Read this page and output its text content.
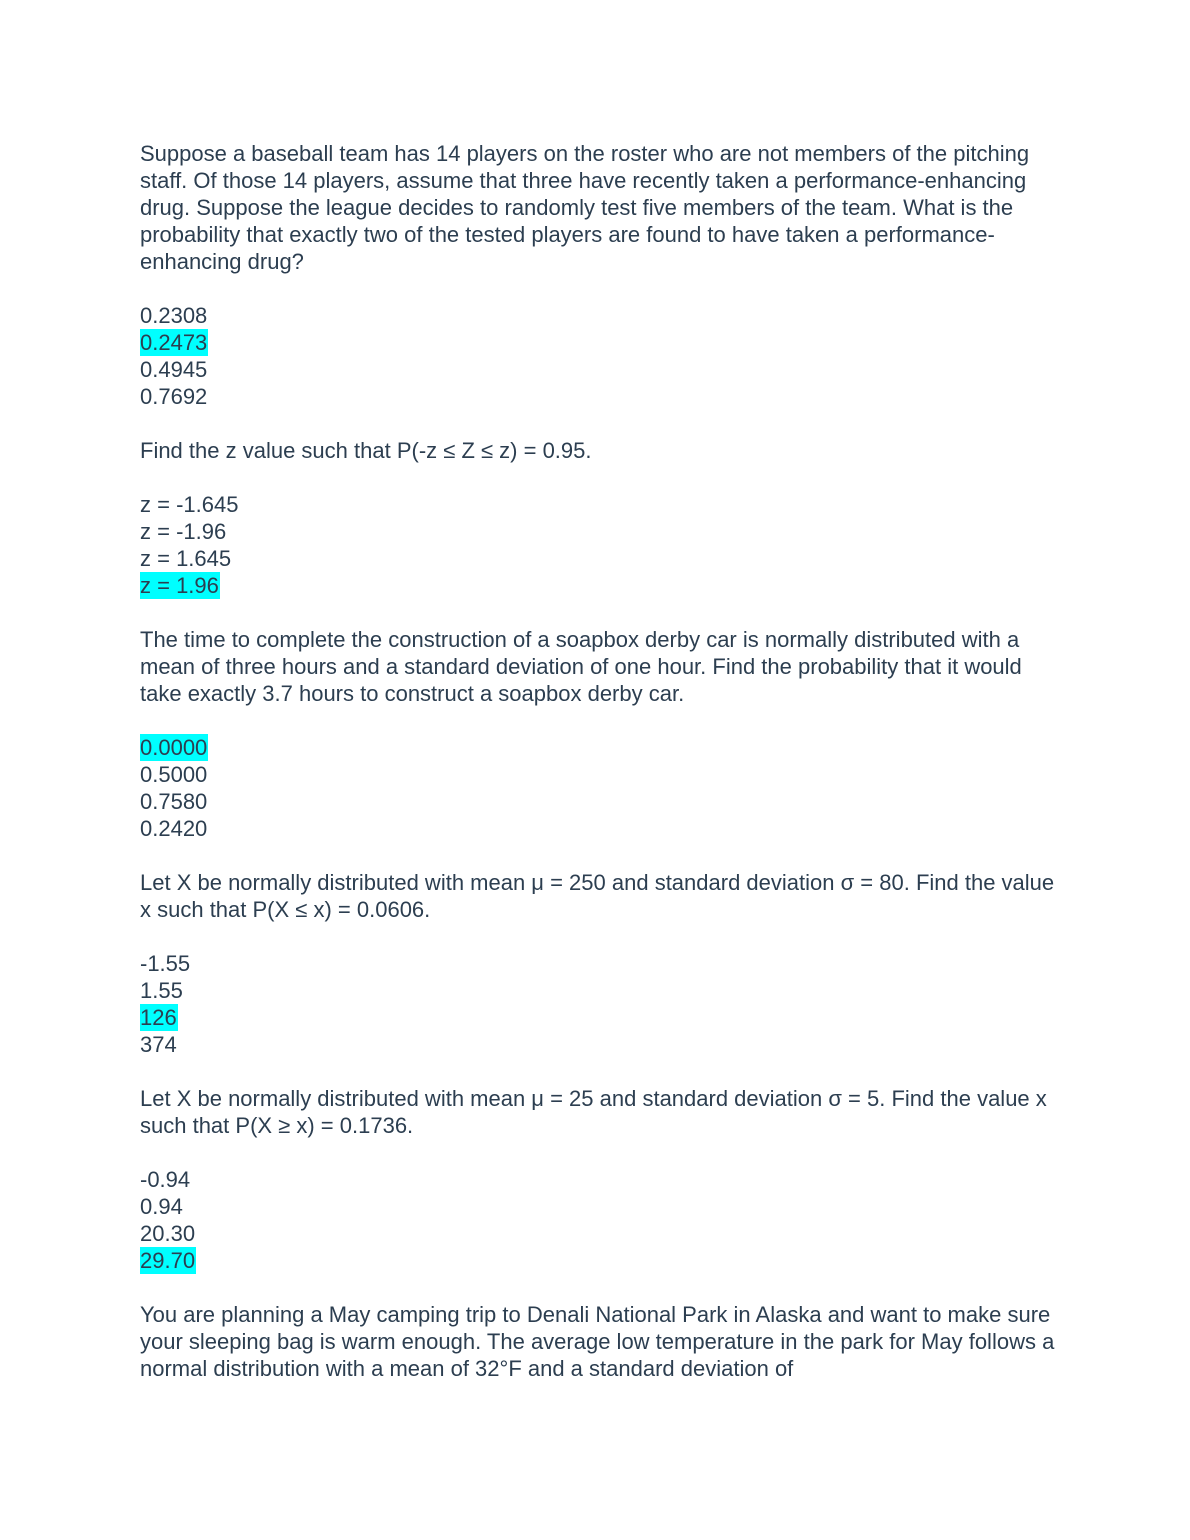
Suppose a baseball team has 14 players on the roster who are not members of the pitching staff. Of those 14 players, assume that three have recently taken a performance-enhancing drug. Suppose the league decides to randomly test five members of the team. What is the probability that exactly two of the tested players are found to have taken a performance-enhancing drug?

0.2308
0.2473
0.4945
0.7692

Find the z value such that P(-z ≤ Z ≤ z) = 0.95.

z = -1.645
z = -1.96
z = 1.645
z = 1.96

The time to complete the construction of a soapbox derby car is normally distributed with a mean of three hours and a standard deviation of one hour. Find the probability that it would take exactly 3.7 hours to construct a soapbox derby car.

0.0000
0.5000
0.7580
0.2420

Let X be normally distributed with mean μ = 250 and standard deviation σ = 80. Find the value x such that P(X ≤ x) = 0.0606.

-1.55
1.55
126
374

Let X be normally distributed with mean μ = 25 and standard deviation σ = 5. Find the value x such that P(X ≥ x) = 0.1736.

-0.94
0.94
20.30
29.70

You are planning a May camping trip to Denali National Park in Alaska and want to make sure your sleeping bag is warm enough. The average low temperature in the park for May follows a normal distribution with a mean of 32°F and a standard deviation of
